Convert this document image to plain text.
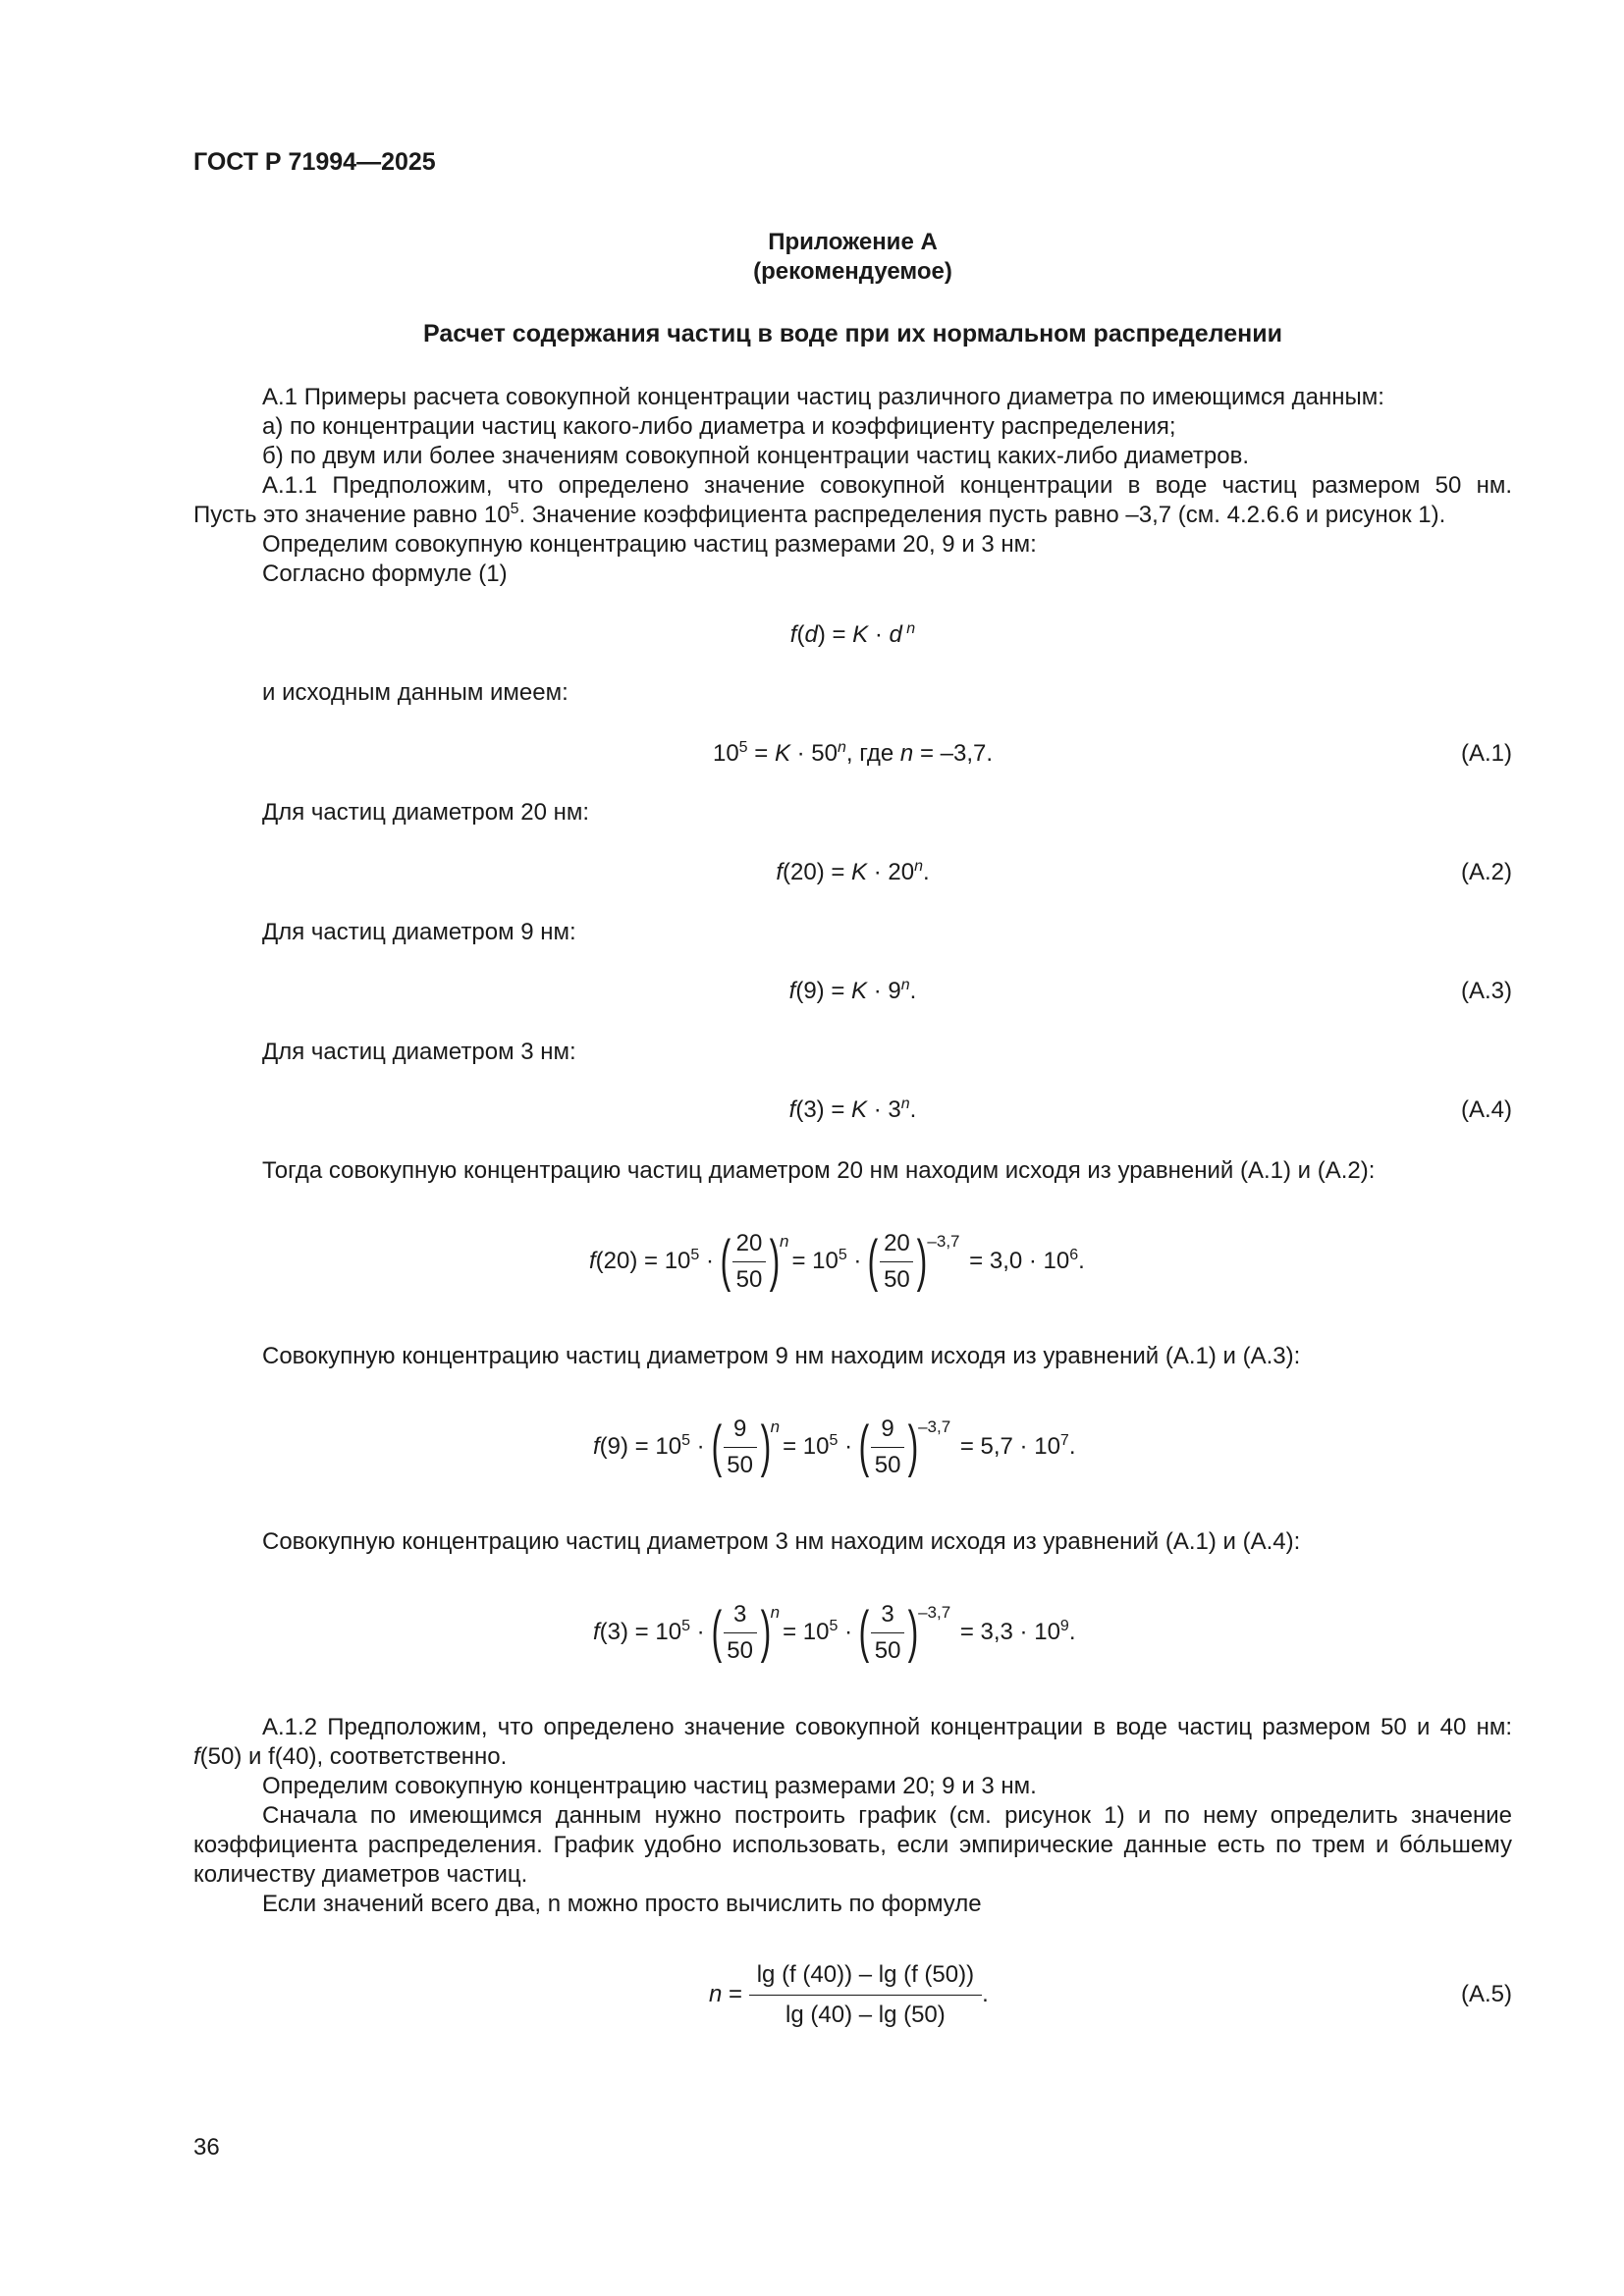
ГОСТ Р 71994—2025
Приложение А
(рекомендуемое)
Расчет содержания частиц в воде при их нормальном распределении
А.1 Примеры расчета совокупной концентрации частиц различного диаметра по имеющимся данным:
а) по концентрации частиц какого-либо диаметра и коэффициенту распределения;
б) по двум или более значениям совокупной концентрации частиц каких-либо диаметров.
А.1.1 Предположим, что определено значение совокупной концентрации в воде частиц размером 50 нм.
Пусть это значение равно $10^5$. Значение коэффициента распределения пусть равно –3,7 (см. 4.2.6.6 и рисунок 1).
Определим совокупную концентрацию частиц размерами 20, 9 и 3 нм:
Согласно формуле (1)
f(d) = K · d $^n$
и исходным данным имеем:
$10^5 = K \cdot 50^n$, где n = –3,7.	(А.1)
Для частиц диаметром 20 нм:
$f(20) = K \cdot 20^n$.	(А.2)
Для частиц диаметром 9 нм:
$f(9) = K \cdot 9^n$.	(А.3)
Для частиц диаметром 3 нм:
$f(3) = K \cdot 3^n$.	(А.4)
Тогда совокупную концентрацию частиц диаметром 20 нм находим исходя из уравнений (А.1) и (А.2):
$f(20) = 10^5$ · ( 20
50 ) n
= $10^5$ · ( 20
50 ) –3,7
= $3,0 \cdot 10^6$.
Совокупную концентрацию частиц диаметром 9 нм находим исходя из уравнений (А.1) и (А.3):
$f(9) = 10^5$ · ( 9
50 ) n
= $10^5$ · ( 9
50 ) –3,7
= $5,7 \cdot 10^7$.
Совокупную концентрацию частиц диаметром 3 нм находим исходя из уравнений (А.1) и (А.4):
$f(3) = 10^5$ · ( 3
50 ) n
= $10^5$ · ( 3
50 ) –3,7
= $3,3 \cdot 10^9$.
А.1.2 Предположим, что определено значение совокупной концентрации в воде частиц размером 50 и 40 нм:
f(50) и f(40), соответственно.
Определим совокупную концентрацию частиц размерами 20; 9 и 3 нм.
Сначала по имеющимся данным нужно построить график (см. рисунок 1) и по нему определить значение
коэффициента распределения. График удобно использовать, если эмпирические данные есть по трем и бóльшему
количеству диаметров частиц.
Если значений всего два, n можно просто вычислить по формуле
$n = \frac{\lg (f (40)) - \lg (f (50))}{\lg (40) - \lg (50)}$ .	(А.5)
36
